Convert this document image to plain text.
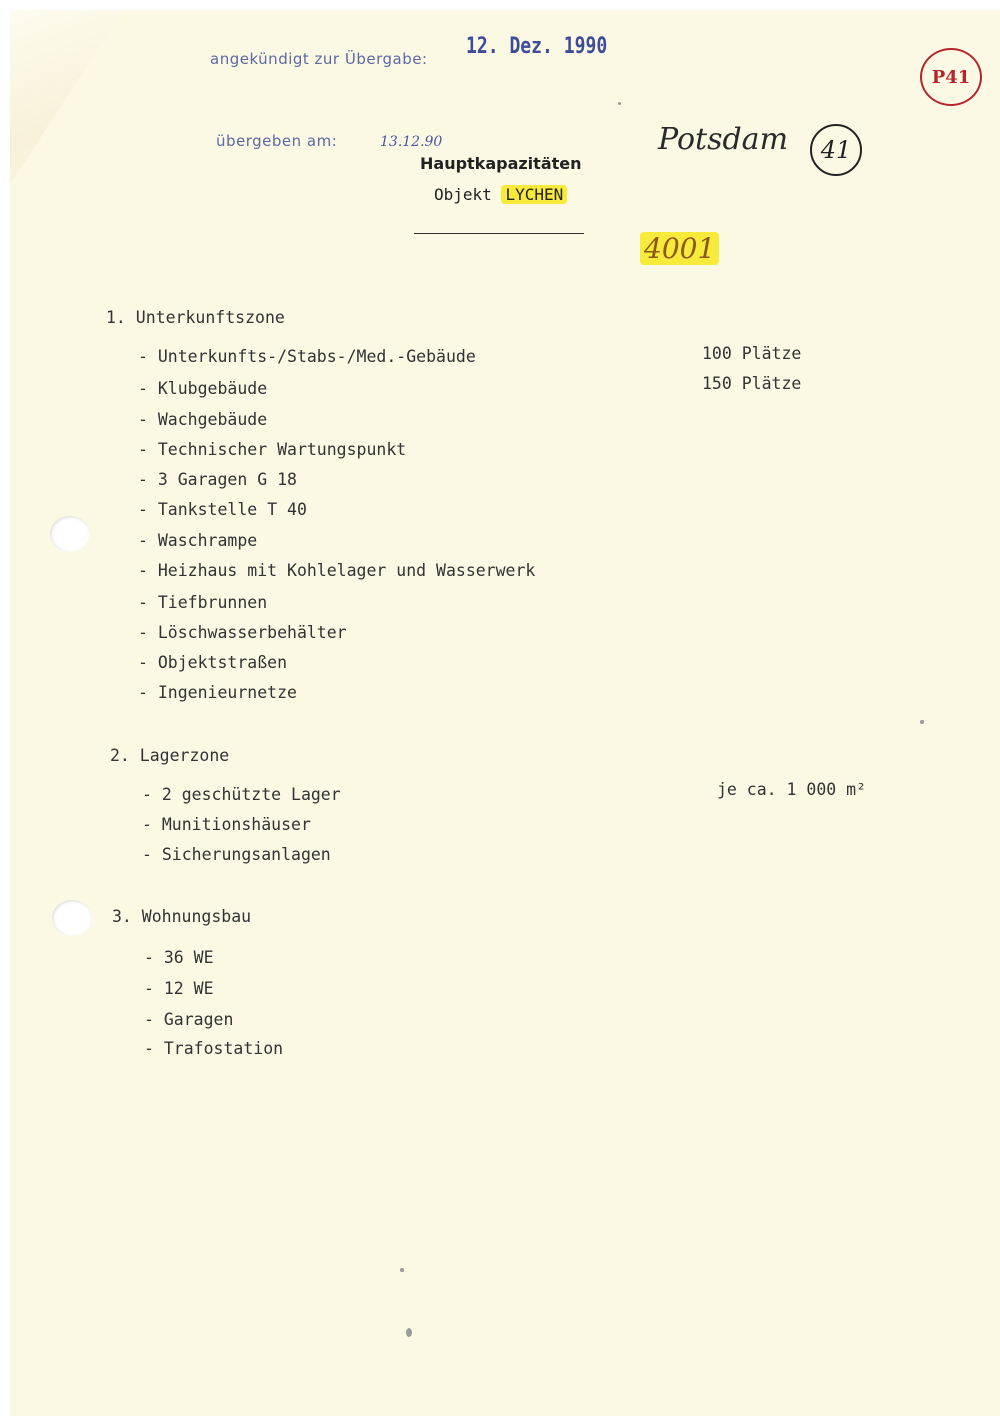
angekündigt zur Übergabe: 12. Dez. 1990
übergeben am:	13.12.90	Potsdam 41
P41
4001
Hauptkapazitäten
Objekt LYCHEN
1. Unterkunftszone
- Unterkunfts-/Stabs-/Med.-Gebäude
- Klubgebäude
- Wachgebäude
- Technischer Wartungspunkt
- 3 Garagen G 18
- Tankstelle T 40
- Waschrampe
- Heizhaus mit Kohlelager und Wasserwerk
- Tiefbrunnen
- Löschwasserbehälter
- Objektstraßen
- Ingenieurnetze
100 Plätze
150 Plätze
2. Lagerzone
- 2 geschützte Lager
- Munitionshäuser
- Sicherungsanlagen
je ca. 1 000 m²
3. Wohnungsbau
- 36 WE
- 12 WE
- Garagen
- Trafostation
